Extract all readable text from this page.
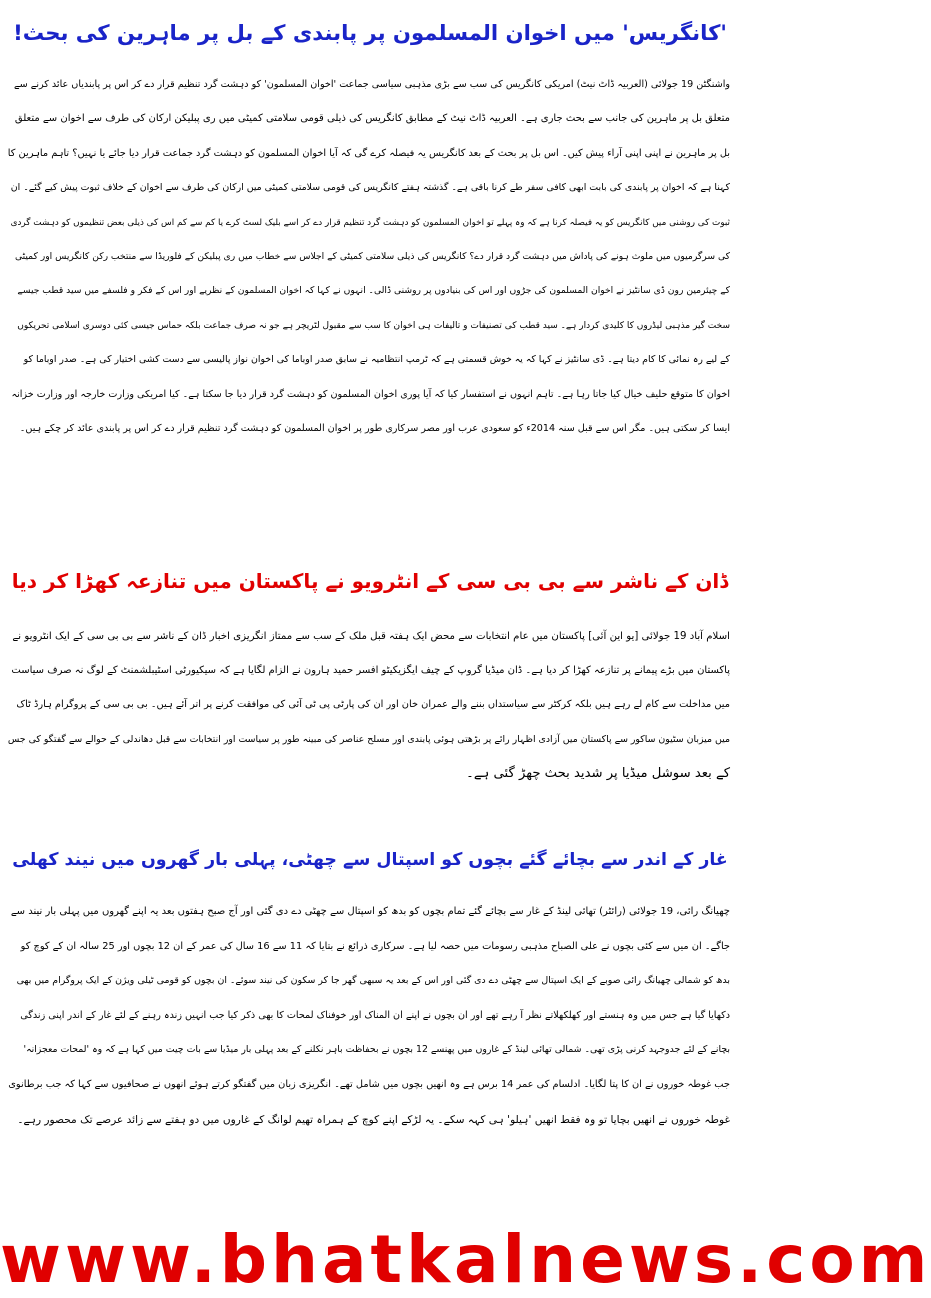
'کانگریس' میں اخوان المسلمون پر پابندی کے بل پر ماہرین کی بحث!

واشنگٹن 19 جولائی (العربیہ ڈاٹ نیٹ) امریکی کانگریس کی سب سے بڑی مذہبی سیاسی جماعت 'اخوان المسلمون' کو دہشت گرد تنظیم قرار دے کر اس پر پابندیاں عائد کرنے سے

متعلق بل پر ماہرین کی جانب سے بحث جاری ہے۔ العربیہ ڈاٹ نیٹ کے مطابق کانگریس کی ذیلی قومی سلامتی کمیٹی میں ری پبلیکن ارکان کی طرف سے اخوان سے متعلق

بل پر ماہرین نے اپنی اپنی آراء پیش کیں۔ اس بل پر بحث کے بعد کانگریس یہ فیصلہ کرے گی کہ آیا اخوان المسلمون کو دہشت گرد جماعت قرار دیا جائے یا نہیں؟ تاہم ماہرین کا

کہنا ہے کہ اخوان پر پابندی کی بابت ابھی کافی سفر طے کرنا باقی ہے۔ گذشتہ ہفتے کانگریس کی قومی سلامتی کمیٹی میں ارکان کی طرف سے اخوان کے خلاف ثبوت پیش کیے گئے۔ ان

ثبوت کی روشنی میں کانگریس کو یہ فیصلہ کرنا ہے کہ وہ پہلے تو اخوان المسلمون کو دہشت گرد تنظیم قرار دے کر اسے بلیک لسٹ کرے یا کم سے کم اس کی ذیلی بعض تنظیموں کو دہشت گردی

کی سرگرمیوں میں ملوث ہونے کی پاداش میں دہشت گرد قرار دے؟ کانگریس کی ذیلی سلامتی کمیٹی کے اجلاس سے خطاب میں ری پبلیکن کے فلوریڈا سے منتخب رکن کانگریس اور کمیٹی

کے چیئرمین رون ڈی سانٹیز نے اخوان المسلمون کی جڑوں اور اس کی بنیادوں پر روشنی ڈالی۔ انہوں نے کہا کہ اخوان المسلمون کے نظریے اور اس کے فکر و فلسفے میں سید قطب جیسے

سخت گیر مذہبی لیڈروں کا کلیدی کردار ہے۔ سید قطب کی تصنیفات و تالیفات ہی اخوان کا سب سے مقبول لٹریچر ہے جو نہ صرف جماعت بلکہ حماس جیسی کئی دوسری اسلامی تحریکوں

کے لیے رہ نمائی کا کام دیتا ہے۔ ڈی سانٹیز نے کہا کہ یہ خوش قسمتی ہے کہ ٹرمپ انتظامیہ نے سابق صدر اوباما کی اخوان نواز پالیسی سے دست کشی اختیار کی ہے۔ صدر اوباما کو

اخوان کا متوقع حلیف خیال کیا جاتا رہا ہے۔ تاہم انہوں نے استفسار کیا کہ آیا پوری اخوان المسلمون کو دہشت گرد قرار دیا جا سکتا ہے۔ کیا امریکی وزارت خارجہ اور وزارت خزانہ

ایسا کر سکتی ہیں۔ مگر اس سے قبل سنہ 2014ء کو سعودی عرب اور مصر سرکاری طور پر اخوان المسلمون کو دہشت گرد تنظیم قرار دے کر اس پر پابندی عائد کر چکے ہیں۔

ڈان کے ناشر سے بی بی سی کے انٹرویو نے پاکستان میں تنازعہ کھڑا کر دیا

اسلام آباد 19 جولائی [یو این آئی] پاکستان میں عام انتخابات سے محض ایک ہفتہ قبل ملک کے سب سے ممتاز انگریزی اخبار ڈان کے ناشر سے بی بی سی کے ایک انٹرویو نے

پاکستان میں بڑے پیمانے پر تنازعہ کھڑا کر دیا ہے۔ ڈان میڈیا گروپ کے چیف ایگزیکیٹو افسر حمید ہارون نے الزام لگایا ہے کہ سیکیورٹی اسٹیبلشمنٹ کے لوگ نہ صرف سیاست

میں مداخلت سے کام لے رہے ہیں بلکہ کرکٹر سے سیاستداں بننے والے عمران خان اور ان کی پارٹی پی ٹی آئی کی موافقت کرنے پر اتر آئے ہیں۔ بی بی سی کے پروگرام ہارڈ ٹاک

میں میزبان سٹیون ساکور سے پاکستان میں آزادی اظہار رائے پر بڑھتی ہوئی پابندی اور مسلح عناصر کی مبینہ طور پر سیاست اور انتخابات سے قبل دھاندلی کے حوالے سے گفتگو کی جس

کے بعد سوشل میڈیا پر شدید بحث چھڑ گئی ہے۔

غار کے اندر سے بچائے گئے بچوں کو اسپتال سے چھٹی، پہلی بار گھروں میں نیند کھلی

چھیانگ رائی، 19 جولائی (رائٹر) تھائی لینڈ کے غار سے بچائے گئے تمام بچوں کو بدھ کو اسپتال سے چھٹی دے دی گئی اور آج صبح ہفتوں بعد یہ اپنے گھروں میں پہلی بار نیند سے

جاگے۔ ان میں سے کئی بچوں نے علی الصباح مذہبی رسومات میں حصہ لیا ہے۔ سرکاری ذرائع نے بتایا کہ 11 سے 16 سال کی عمر کے ان 12 بچوں اور 25 سالہ ان کے کوچ کو

بدھ کو شمالی چھیانگ رائی صوبے کے ایک اسپتال سے چھٹی دے دی گئی اور اس کے بعد یہ سبھی گھر جا کر سکون کی نیند سوئے۔ ان بچوں کو قومی ٹیلی ویژن کے ایک پروگرام میں بھی

دکھایا گیا ہے جس میں وہ ہنستے اور کھلکھلاتے نظر آ رہے تھے اور ان بچوں نے اپنے ان المناک اور خوفناک لمحات کا بھی ذکر کیا جب انہیں زندہ رہنے کے لئے غار کے اندر اپنی زندگی

بچانے کے لئے جدوجہد کرنی پڑی تھی۔ شمالی تھائی لینڈ کے غاروں میں پھنسے 12 بچوں نے بحفاظت باہر نکلنے کے بعد پہلی بار میڈیا سے بات چیت میں کہا ہے کہ وہ 'لمحات معجزانہ'

جب غوطہ خوروں نے ان کا پتا لگایا۔ ادلسام کی عمر 14 برس ہے وہ انھیں بچوں میں شامل تھے۔ انگریزی زبان میں گفتگو کرتے ہوئے انھوں نے صحافیوں سے کہا کہ جب برطانوی

غوطہ خوروں نے انھیں بچایا تو وہ فقط انھیں 'ہیلو' ہی کہہ سکے۔ یہ لڑکے اپنے کوچ کے ہمراہ تھیم لوانگ کے غاروں میں دو ہفتے سے زائد عرصے تک محصور رہے۔

www.bhatkalnews.com
